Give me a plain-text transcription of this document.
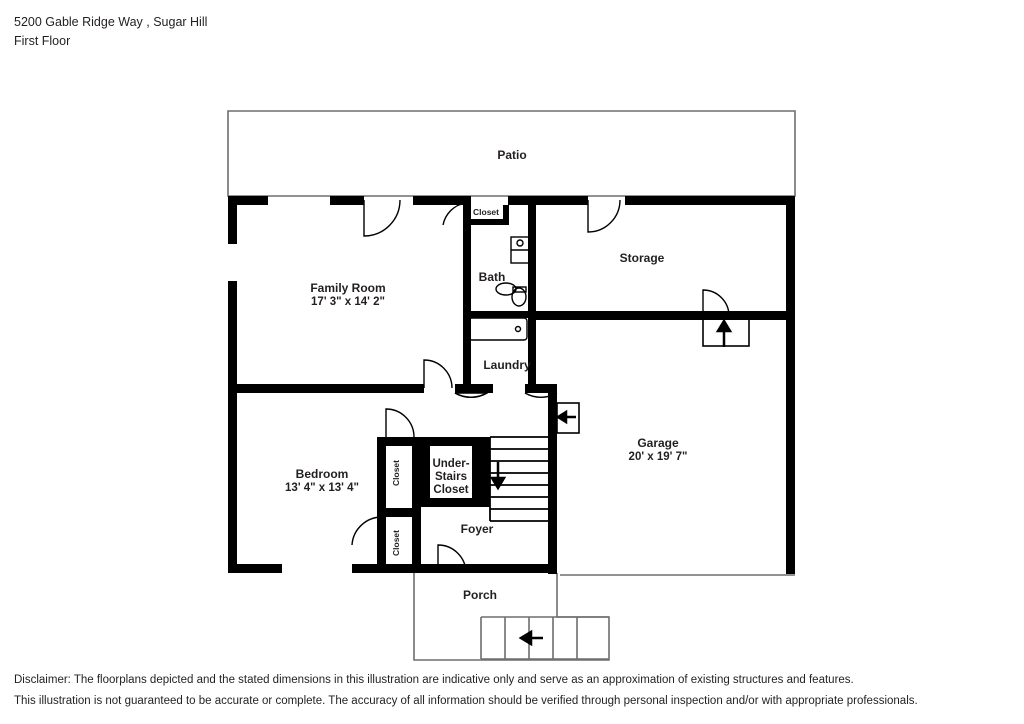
5200 Gable Ridge Way , Sugar Hill
First Floor
Patio
Family Room
17' 3" x 14' 2"
Closet
Bath
Storage
Laundry
Garage
20' x 19' 7"
Bedroom
13' 4" x 13' 4"
Closet
Closet
Under-
Stairs
Closet
Foyer
Porch
Disclaimer: The floorplans depicted and the stated dimensions in this illustration are indicative only and serve as an approximation of existing structures and features.
This illustration is not guaranteed to be accurate or complete. The accuracy of all information should be verified through personal inspection and/or with appropriate professionals.
